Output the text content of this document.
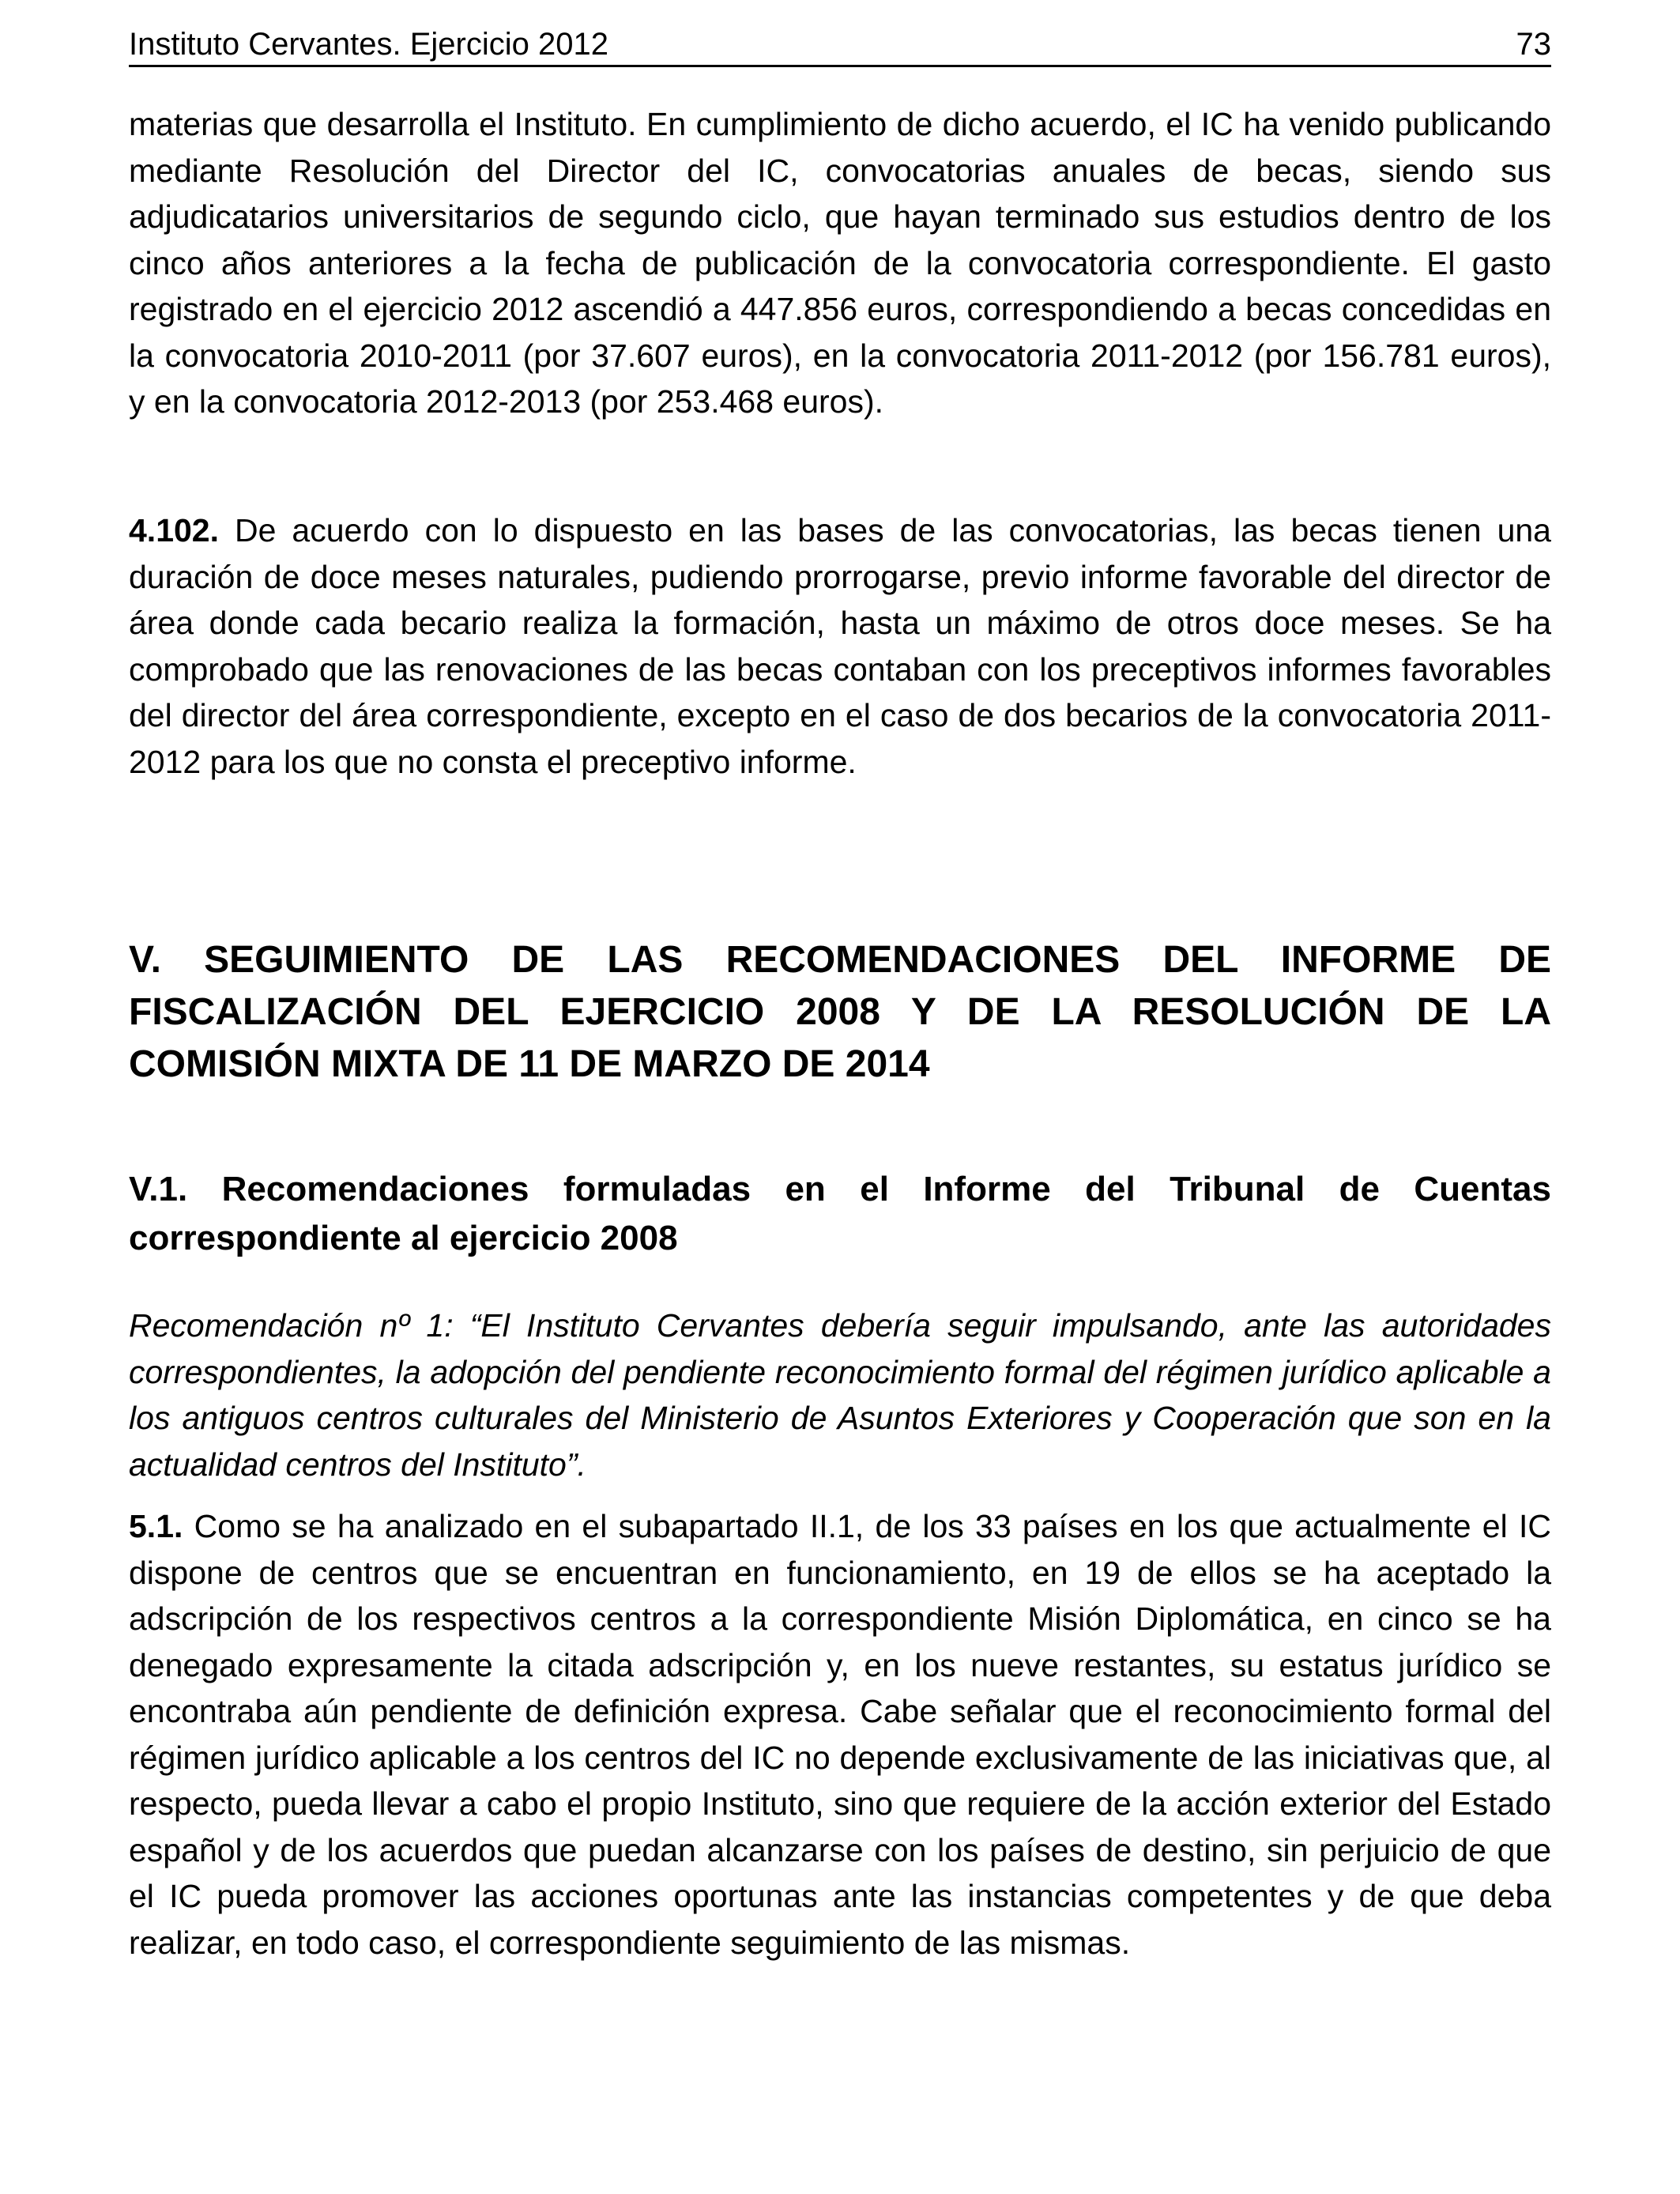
Instituto Cervantes. Ejercicio 2012	73

materias que desarrolla el Instituto. En cumplimiento de dicho acuerdo, el IC ha venido publicando mediante Resolución del Director del IC, convocatorias anuales de becas, siendo sus adjudicatarios universitarios de segundo ciclo, que hayan terminado sus estudios dentro de los cinco años anteriores a la fecha de publicación de la convocatoria correspondiente. El gasto registrado en el ejercicio 2012 ascendió a 447.856 euros, correspondiendo a becas concedidas en la convocatoria 2010-2011 (por 37.607 euros), en la convocatoria 2011-2012 (por 156.781 euros), y en la convocatoria 2012-2013 (por 253.468 euros).

4.102. De acuerdo con lo dispuesto en las bases de las convocatorias, las becas tienen una duración de doce meses naturales, pudiendo prorrogarse, previo informe favorable del director de área donde cada becario realiza la formación, hasta un máximo de otros doce meses. Se ha comprobado que las renovaciones de las becas contaban con los preceptivos informes favorables del director del área correspondiente, excepto en el caso de dos becarios de la convocatoria 2011-2012 para los que no consta el preceptivo informe.

V. SEGUIMIENTO DE LAS RECOMENDACIONES DEL INFORME DE FISCALIZACIÓN DEL EJERCICIO 2008 Y DE LA RESOLUCIÓN DE LA COMISIÓN MIXTA DE 11 DE MARZO DE 2014
V.1. Recomendaciones formuladas en el Informe del Tribunal de Cuentas correspondiente al ejercicio 2008

Recomendación nº 1: “El Instituto Cervantes debería seguir impulsando, ante las autoridades correspondientes, la adopción del pendiente reconocimiento formal del régimen jurídico aplicable a los antiguos centros culturales del Ministerio de Asuntos Exteriores y Cooperación que son en la actualidad centros del Instituto”.

5.1. Como se ha analizado en el subapartado II.1, de los 33 países en los que actualmente el IC dispone de centros que se encuentran en funcionamiento, en 19 de ellos se ha aceptado la adscripción de los respectivos centros a la correspondiente Misión Diplomática, en cinco se ha denegado expresamente la citada adscripción y, en los nueve restantes, su estatus jurídico se encontraba aún pendiente de definición expresa. Cabe señalar que el reconocimiento formal del régimen jurídico aplicable a los centros del IC no depende exclusivamente de las iniciativas que, al respecto, pueda llevar a cabo el propio Instituto, sino que requiere de la acción exterior del Estado español y de los acuerdos que puedan alcanzarse con los países de destino, sin perjuicio de que el IC pueda promover las acciones oportunas ante las instancias competentes y de que deba realizar, en todo caso, el correspondiente seguimiento de las mismas.
